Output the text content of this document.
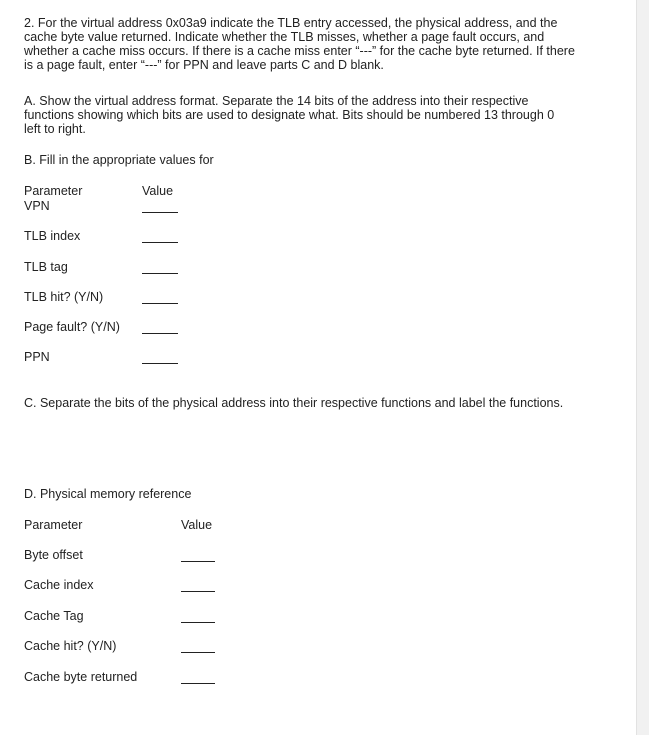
2. For the virtual address 0x03a9 indicate the TLB entry accessed, the physical address, and the cache byte value returned. Indicate whether the TLB misses, whether a page fault occurs, and whether a cache miss occurs. If there is a cache miss enter “---” for the cache byte returned. If there is a page fault, enter “---” for PPN and leave parts C and D blank.

A. Show the virtual address format. Separate the 14 bits of the address into their respective functions showing which bits are used to designate what. Bits should be numbered 13 through 0 left to right.

B. Fill in the appropriate values for
Parameter	Value
VPN
TLB index
TLB tag
TLB hit? (Y/N)
Page fault? (Y/N)
PPN

C. Separate the bits of the physical address into their respective functions and label the functions.

D. Physical memory reference
Parameter	Value
Byte offset
Cache index
Cache Tag
Cache hit? (Y/N)
Cache byte returned
